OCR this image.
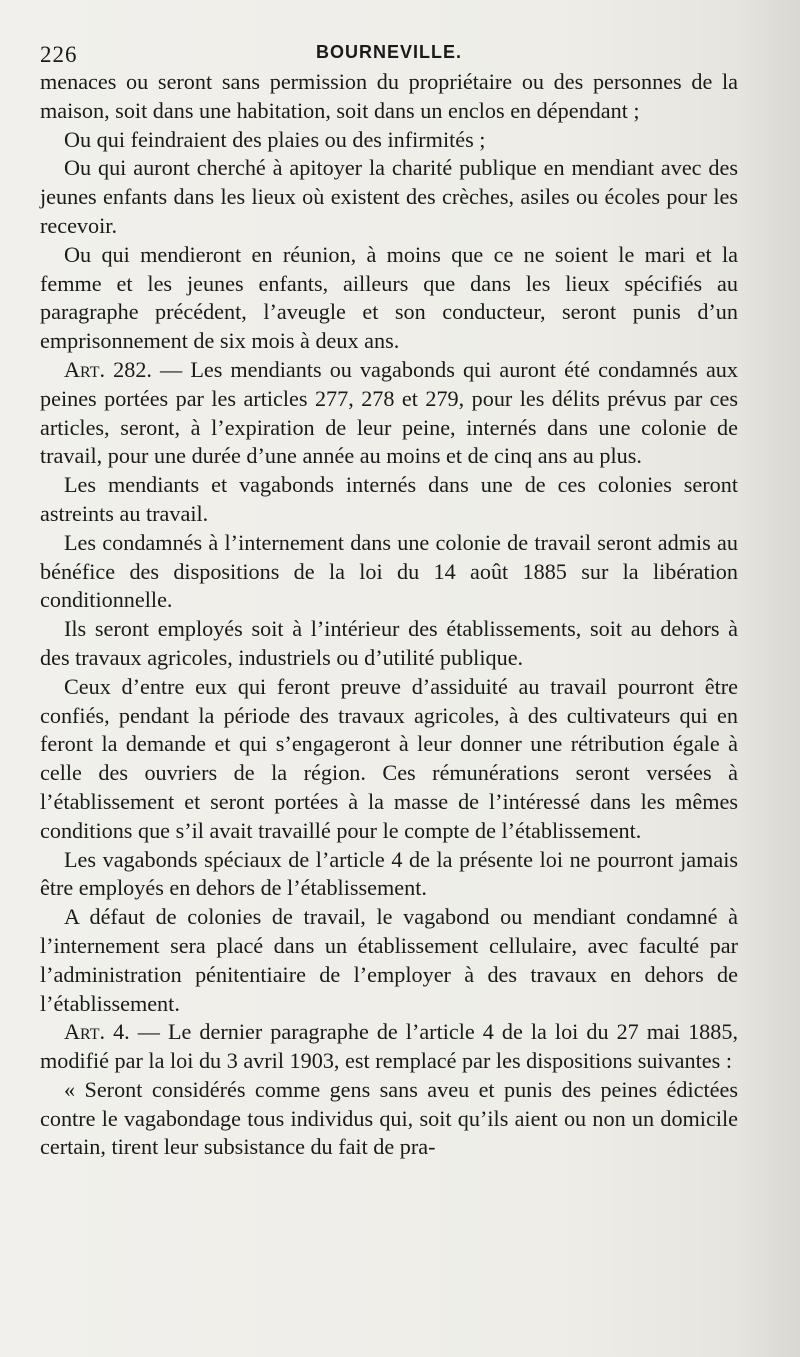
226	BOURNEVILLE.

menaces ou seront sans permission du propriétaire ou des personnes de la maison, soit dans une habitation, soit dans un enclos en dépendant ;

Ou qui feindraient des plaies ou des infirmités ;

Ou qui auront cherché à apitoyer la charité publique en mendiant avec des jeunes enfants dans les lieux où existent des crèches, asiles ou écoles pour les recevoir.

Ou qui mendieront en réunion, à moins que ce ne soient le mari et la femme et les jeunes enfants, ailleurs que dans les lieux spécifiés au paragraphe précédent, l’aveugle et son conducteur, seront punis d’un emprisonnement de six mois à deux ans.

Art. 282. — Les mendiants ou vagabonds qui auront été condamnés aux peines portées par les articles 277, 278 et 279, pour les délits prévus par ces articles, seront, à l’expiration de leur peine, internés dans une colonie de travail, pour une durée d’une année au moins et de cinq ans au plus.

Les mendiants et vagabonds internés dans une de ces colonies seront astreints au travail.

Les condamnés à l’internement dans une colonie de travail seront admis au bénéfice des dispositions de la loi du 14 août 1885 sur la libération conditionnelle.

Ils seront employés soit à l’intérieur des établissements, soit au dehors à des travaux agricoles, industriels ou d’utilité publique.

Ceux d’entre eux qui feront preuve d’assiduité au travail pourront être confiés, pendant la période des travaux agricoles, à des cultivateurs qui en feront la demande et qui s’engageront à leur donner une rétribution égale à celle des ouvriers de la région. Ces rémunérations seront versées à l’établissement et seront portées à la masse de l’intéressé dans les mêmes conditions que s’il avait travaillé pour le compte de l’établissement.

Les vagabonds spéciaux de l’article 4 de la présente loi ne pourront jamais être employés en dehors de l’établissement.

A défaut de colonies de travail, le vagabond ou mendiant condamné à l’internement sera placé dans un établissement cellulaire, avec faculté par l’administration pénitentiaire de l’employer à des travaux en dehors de l’établissement.

Art. 4. — Le dernier paragraphe de l’article 4 de la loi du 27 mai 1885, modifié par la loi du 3 avril 1903, est remplacé par les dispositions suivantes :

« Seront considérés comme gens sans aveu et punis des peines édictées contre le vagabondage tous individus qui, soit qu’ils aient ou non un domicile certain, tirent leur subsistance du fait de pra-
